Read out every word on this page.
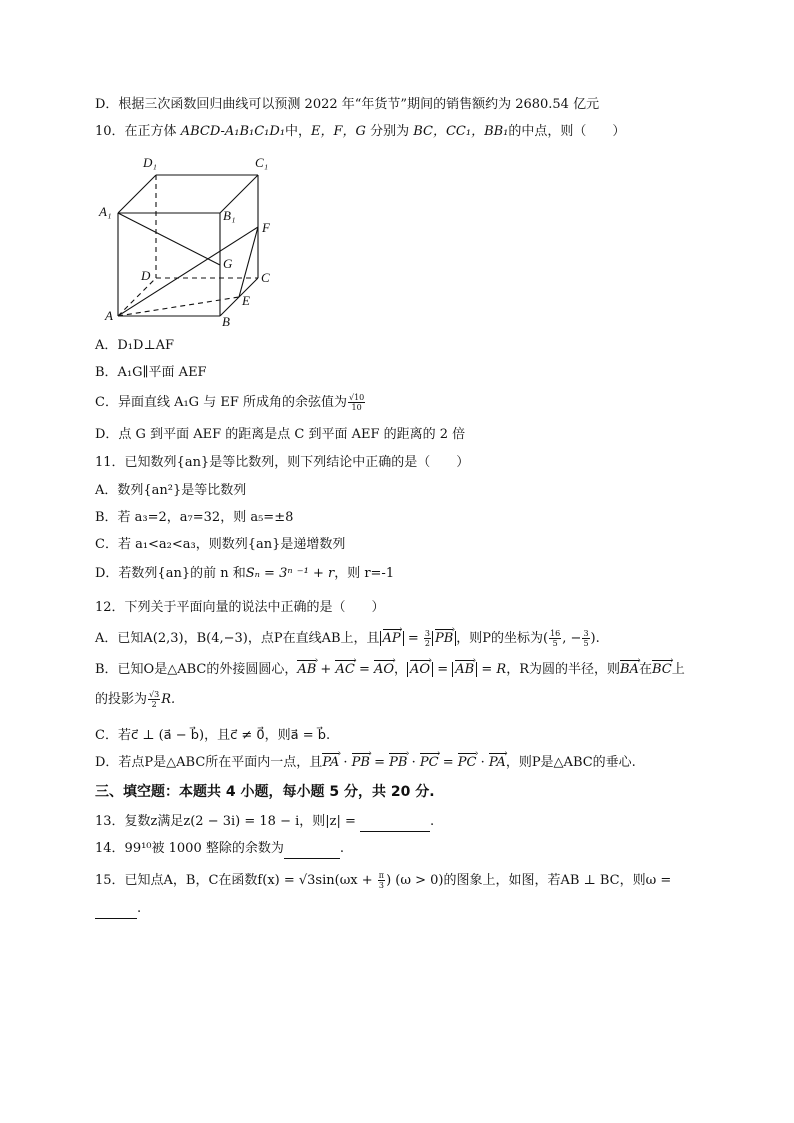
D．根据三次函数回归曲线可以预测 2022 年“年货节”期间的销售额约为 2680.54 亿元
10．在正方体 ABCD-A₁B₁C₁D₁中，E，F，G 分别为 BC，CC₁，BB₁的中点，则（　　）
D₁	C₁
A₁	B₁
F
G
D	C
E
A	B
A．D₁D⊥AF
B．A₁G∥平面 AEF
C．异面直线 A₁G 与 EF 所成角的余弦值为 $\frac{√10}{10}$
D．点 G 到平面 AEF 的距离是点 C 到平面 AEF 的距离的 2 倍
11．已知数列{an}是等比数列，则下列结论中正确的是（　　）
A．数列{an²}是等比数列
B．若 a₃=2，a₇=32，则 a₅=±8
C．若 a₁<a₂<a₃，则数列{an}是递增数列
D．若数列{an}的前 n 和Sₙ = 3ⁿ ⁻¹ + r，则 r=-1
12．下列关于平面向量的说法中正确的是（　　）
A．已知A(2,3)，B(4,−3)，点P在直线AB上，且 AP › = $\frac{3}{2}$ PB › ，则P的坐标为( $\frac{16}{5}$ , − $\frac{3}{5}$ ).
B．已知O是△ABC的外接圆圆心，AB › + AC › = AO ›， AO › = AB › = R，R为圆的半径，则BA ›在BC ›上
的投影为 $\frac{√3}{2} R$.
C．若c⃗ ⊥ (a⃗ − b⃗)，且c⃗ ≠ 0⃗，则a⃗ = b⃗.
D．若点P是△ABC所在平面内一点，且PA › · PB › = PB › · PC › = PC › · PA ›，则P是△ABC的垂心.
三、填空题：本题共 4 小题，每小题 5 分，共 20 分.
13．复数z满足z(2 − 3i) = 18 − i，则|z| =	.
14．99¹⁰被 1000 整除的余数为	.
15．已知点A，B，C在函数$f(x) = √3\sin(\omega x + \frac{\pi}{3}$ ) (ω > 0)的图象上，如图，若AB ⊥ BC，则ω =
.
